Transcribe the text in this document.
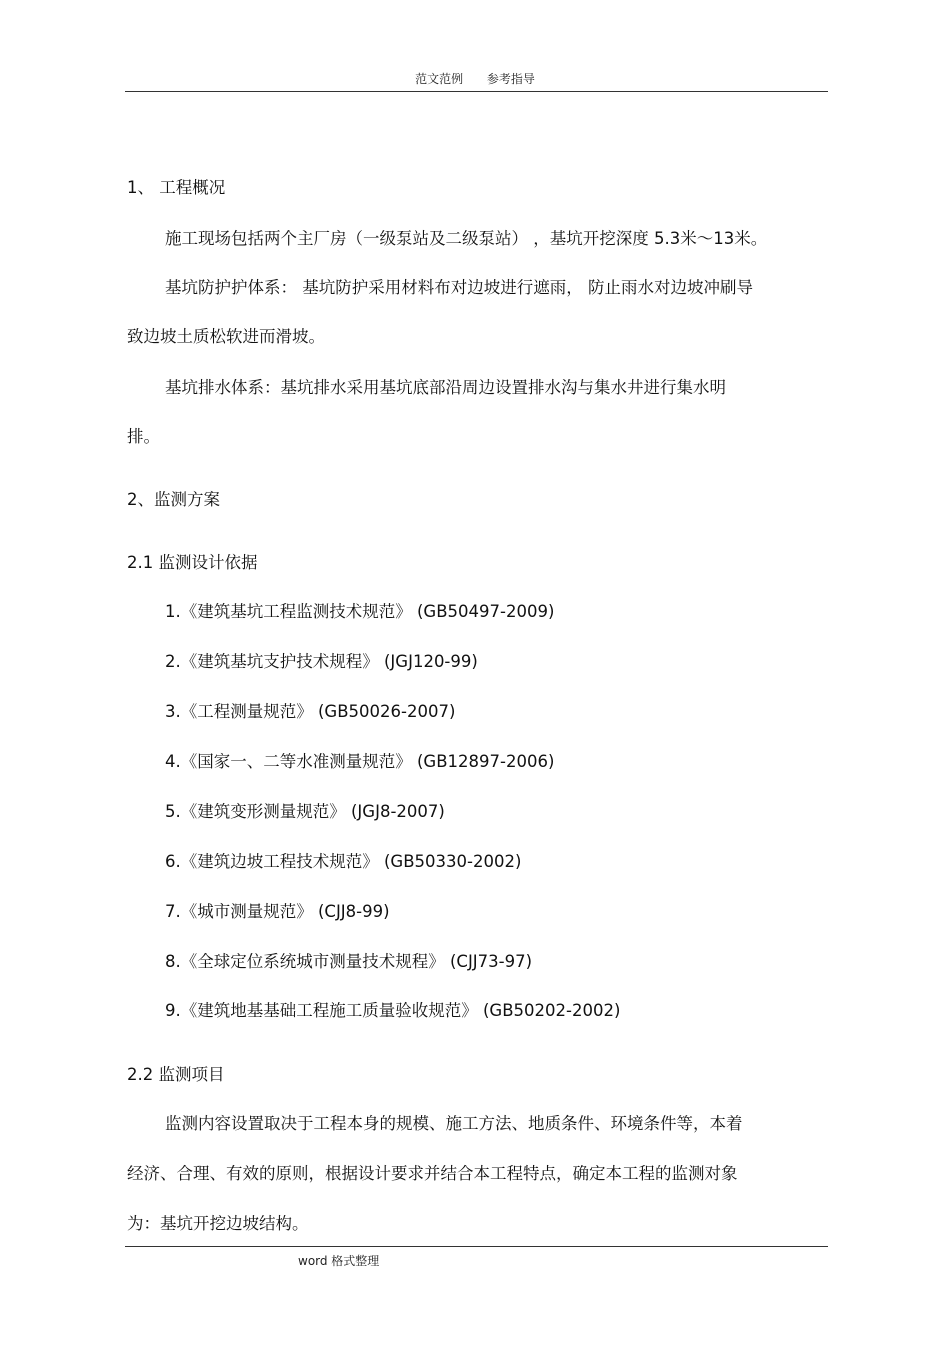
范文范例 参考指导
1、 工程概况
施工现场包括两个主厂房（一级泵站及二级泵站） ，基坑开挖深度 5.3米～13米。
基坑防护护体系： 基坑防护采用材料布对边坡进行遮雨， 防止雨水对边坡冲刷导
致边坡土质松软进而滑坡。
基坑排水体系：基坑排水采用基坑底部沿周边设置排水沟与集水井进行集水明
排。
2、监测方案
2.1 监测设计依据
1.《建筑基坑工程监测技术规范》 (GB50497-2009)
2.《建筑基坑支护技术规程》 (JGJ120-99)
3.《工程测量规范》 (GB50026-2007)
4.《国家一、二等水准测量规范》 (GB12897-2006)
5.《建筑变形测量规范》 (JGJ8-2007)
6.《建筑边坡工程技术规范》 (GB50330-2002)
7.《城市测量规范》 (CJJ8-99)
8.《全球定位系统城市测量技术规程》 (CJJ73-97)
9.《建筑地基基础工程施工质量验收规范》 (GB50202-2002)
2.2 监测项目
监测内容设置取决于工程本身的规模、施工方法、地质条件、环境条件等，本着
经济、合理、有效的原则，根据设计要求并结合本工程特点，确定本工程的监测对象
为：基坑开挖边坡结构。
word 格式整理
